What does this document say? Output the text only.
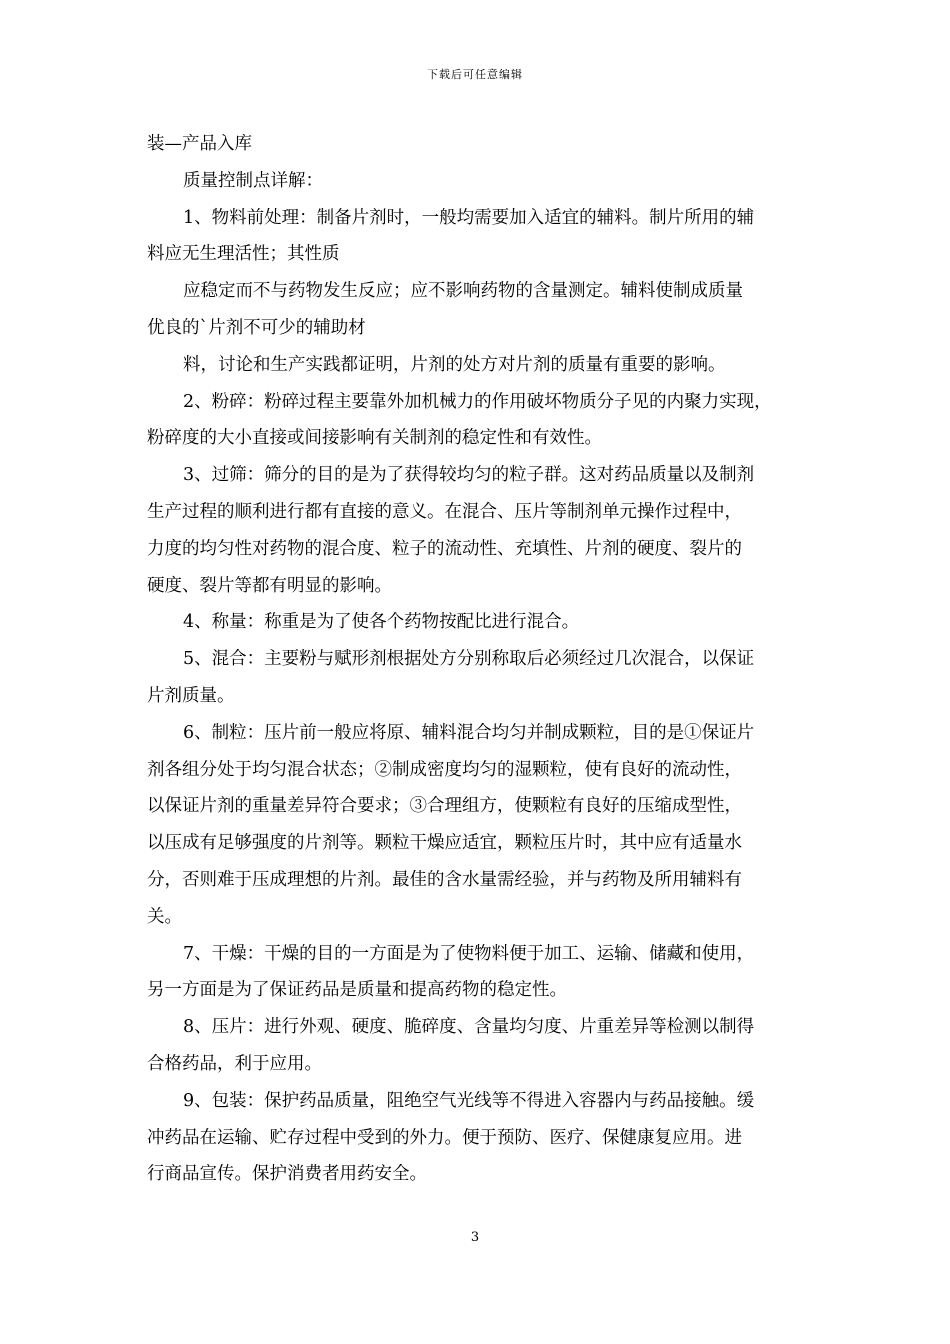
下载后可任意编辑
装—产品入库
质量控制点详解：
1、物料前处理：制备片剂时，一般均需要加入适宜的辅料。制片所用的辅
料应无生理活性；其性质
应稳定而不与药物发生反应；应不影响药物的含量测定。辅料使制成质量
优良的`片剂不可少的辅助材
料，讨论和生产实践都证明，片剂的处方对片剂的质量有重要的影响。
2、粉碎：粉碎过程主要靠外加机械力的作用破坏物质分子见的内聚力实现，
粉碎度的大小直接或间接影响有关制剂的稳定性和有效性。
3、过筛：筛分的目的是为了获得较均匀的粒子群。这对药品质量以及制剂
生产过程的顺利进行都有直接的意义。在混合、压片等制剂单元操作过程中，
力度的均匀性对药物的混合度、粒子的流动性、充填性、片剂的硬度、裂片的
硬度、裂片等都有明显的影响。
4、称量：称重是为了使各个药物按配比进行混合。
5、混合：主要粉与赋形剂根据处方分别称取后必须经过几次混合，以保证
片剂质量。
6、制粒：压片前一般应将原、辅料混合均匀并制成颗粒，目的是①保证片
剂各组分处于均匀混合状态；②制成密度均匀的湿颗粒，使有良好的流动性，
以保证片剂的重量差异符合要求；③合理组方，使颗粒有良好的压缩成型性，
以压成有足够强度的片剂等。颗粒干燥应适宜，颗粒压片时，其中应有适量水
分，否则难于压成理想的片剂。最佳的含水量需经验，并与药物及所用辅料有
关。
7、干燥：干燥的目的一方面是为了使物料便于加工、运输、储藏和使用，
另一方面是为了保证药品是质量和提高药物的稳定性。
8、压片：进行外观、硬度、脆碎度、含量均匀度、片重差异等检测以制得
合格药品，利于应用。
9、包装：保护药品质量，阻绝空气光线等不得进入容器内与药品接触。缓
冲药品在运输、贮存过程中受到的外力。便于预防、医疗、保健康复应用。进
行商品宣传。保护消费者用药安全。
3
